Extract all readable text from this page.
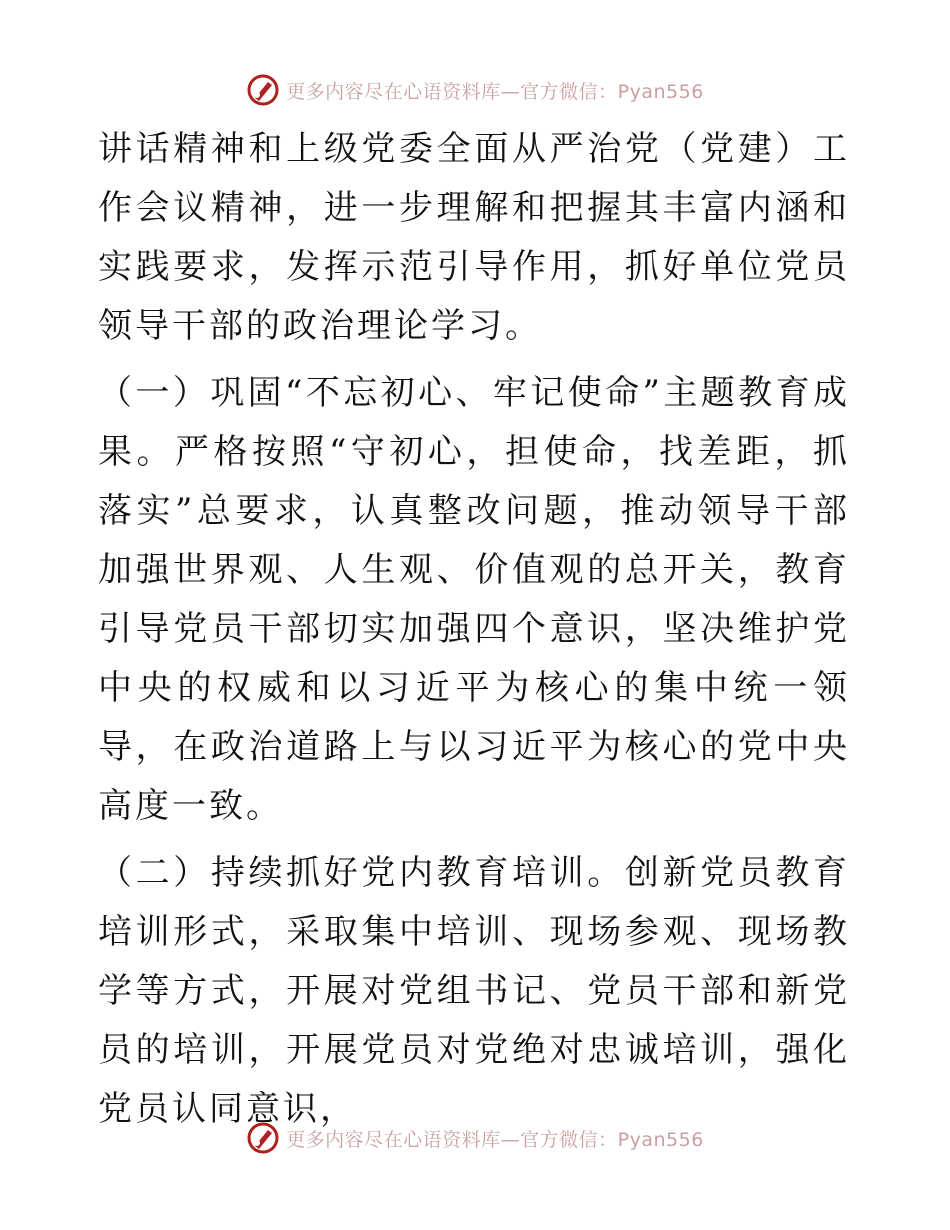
更多内容尽在心语资料库—官方微信：Pyan556

讲话精神和上级党委全面从严治党（党建）工作会议精神，进一步理解和把握其丰富内涵和实践要求，发挥示范引导作用，抓好单位党员领导干部的政治理论学习。

（一）巩固“不忘初心、牢记使命”主题教育成果。严格按照“守初心，担使命，找差距，抓落实”总要求，认真整改问题，推动领导干部加强世界观、人生观、价值观的总开关，教育引导党员干部切实加强四个意识，坚决维护党中央的权威和以习近平为核心的集中统一领导，在政治道路上与以习近平为核心的党中央高度一致。

（二）持续抓好党内教育培训。创新党员教育培训形式，采取集中培训、现场参观、现场教学等方式，开展对党组书记、党员干部和新党员的培训，开展党员对党绝对忠诚培训，强化党员认同意识，

更多内容尽在心语资料库—官方微信：Pyan556
